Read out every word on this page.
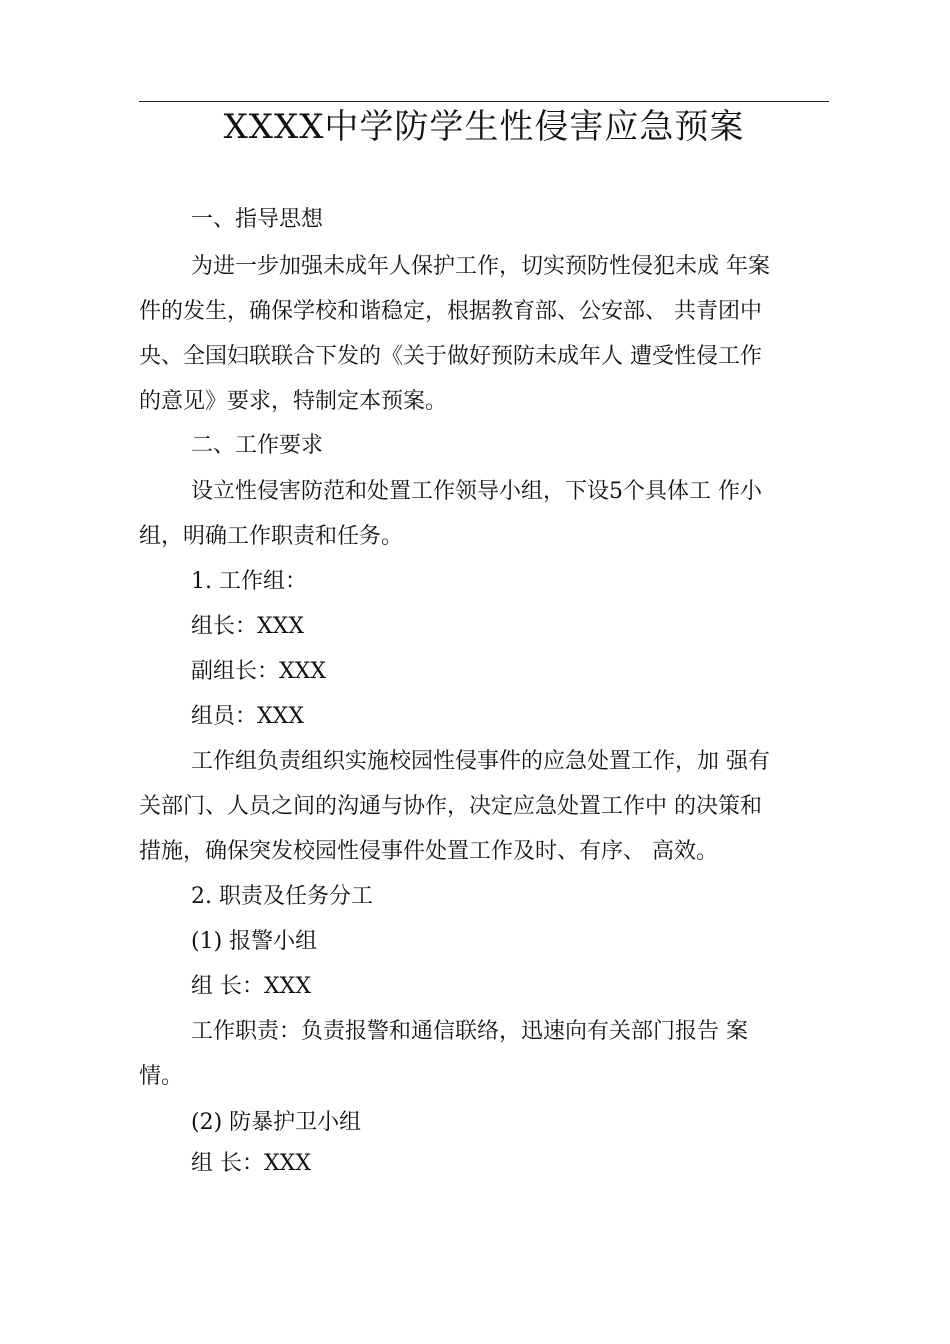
XXXX中学防学生性侵害应急预案
一、指导思想
为进一步加强未成年人保护工作，切实预防性侵犯未成 年案
件的发生，确保学校和谐稳定，根据教育部、公安部、 共青团中
央、全国妇联联合下发的《关于做好预防未成年人 遭受性侵工作
的意见》要求，特制定本预案。
二、工作要求
设立性侵害防范和处置工作领导小组，下设5个具体工 作小
组，明确工作职责和任务。
1. 工作组：
组长：XXX
副组长：XXX
组员：XXX
工作组负责组织实施校园性侵事件的应急处置工作，加 强有
关部门、人员之间的沟通与协作，决定应急处置工作中 的决策和
措施，确保突发校园性侵事件处置工作及时、有序、 高效。
2. 职责及任务分工
(1) 报警小组
组 长：XXX
工作职责：负责报警和通信联络，迅速向有关部门报告 案
情。
(2) 防暴护卫小组
组 长：XXX
